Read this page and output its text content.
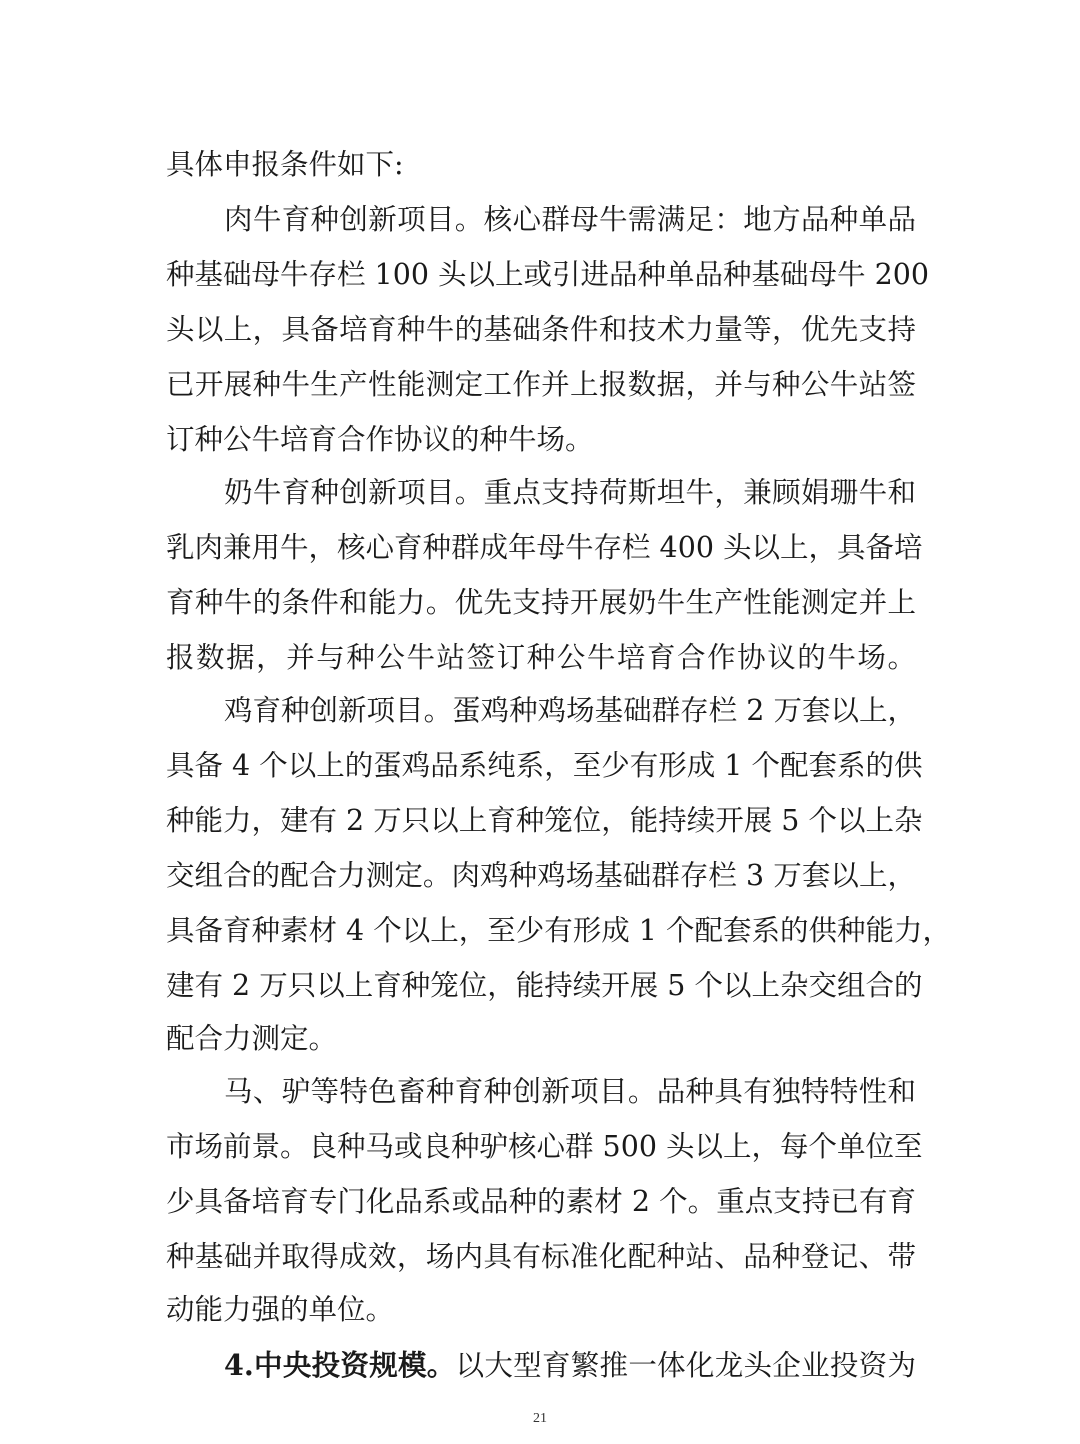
具体申报条件如下:
肉牛育种创新项目。核心群母牛需满足：地方品种单品
种基础母牛存栏 100 头以上或引进品种单品种基础母牛 200
头以上，具备培育种牛的基础条件和技术力量等，优先支持
已开展种牛生产性能测定工作并上报数据，并与种公牛站签
订种公牛培育合作协议的种牛场。
奶牛育种创新项目。重点支持荷斯坦牛，兼顾娟珊牛和
乳肉兼用牛，核心育种群成年母牛存栏 400 头以上，具备培
育种牛的条件和能力。优先支持开展奶牛生产性能测定并上
报数据，并与种公牛站签订种公牛培育合作协议的牛场。
鸡育种创新项目。蛋鸡种鸡场基础群存栏 2 万套以上，
具备 4 个以上的蛋鸡品系纯系，至少有形成 1 个配套系的供
种能力，建有 2 万只以上育种笼位，能持续开展 5 个以上杂
交组合的配合力测定。肉鸡种鸡场基础群存栏 3 万套以上，
具备育种素材 4 个以上，至少有形成 1 个配套系的供种能力，
建有 2 万只以上育种笼位，能持续开展 5 个以上杂交组合的
配合力测定。
马、驴等特色畜种育种创新项目。品种具有独特特性和
市场前景。良种马或良种驴核心群 500 头以上，每个单位至
少具备培育专门化品系或品种的素材 2 个。重点支持已有育
种基础并取得成效，场内具有标准化配种站、品种登记、带
动能力强的单位。
4.中央投资规模。以大型育繁推一体化龙头企业投资为
21
